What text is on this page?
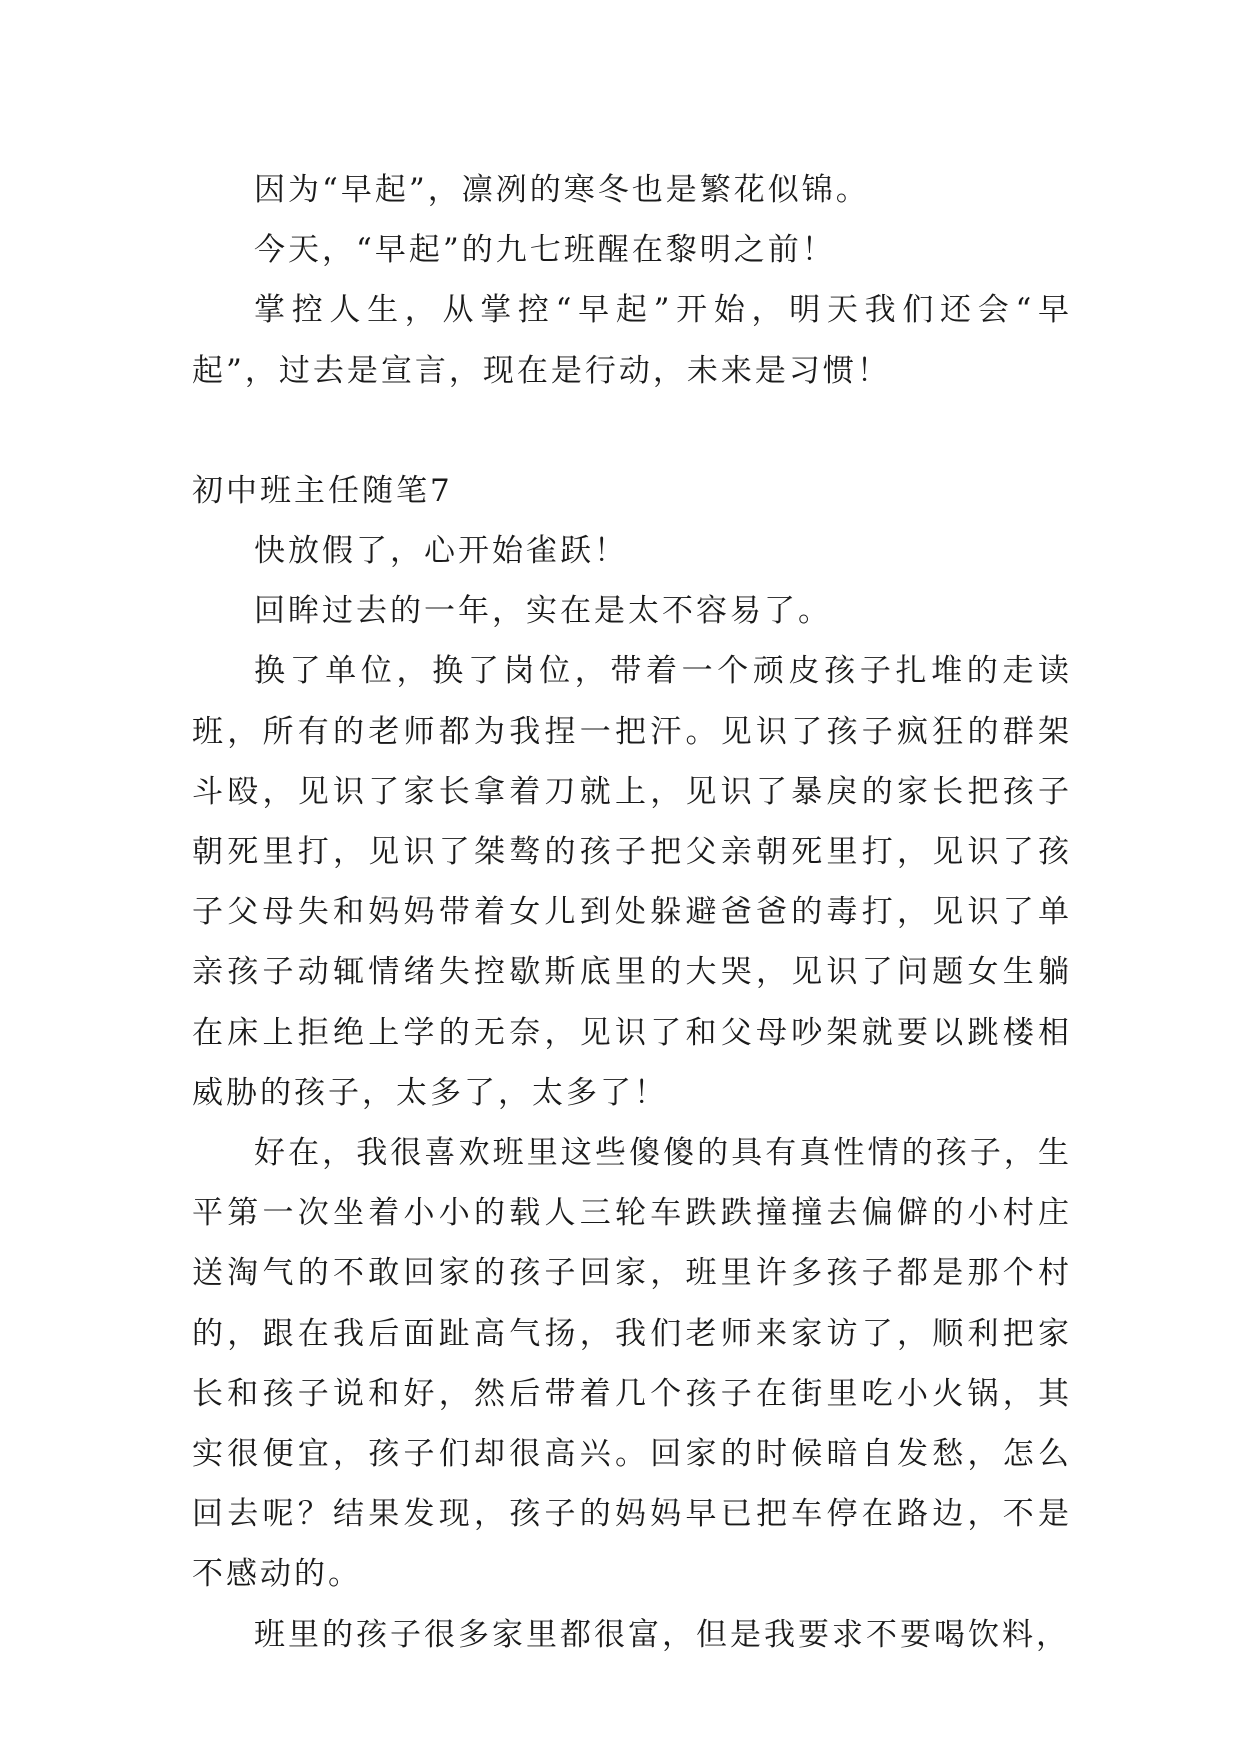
因为“早起”，凛冽的寒冬也是繁花似锦。

今天，“早起”的九七班醒在黎明之前！

掌控人生，从掌控“早起”开始，明天我们还会“早起”，过去是宣言，现在是行动，未来是习惯！

初中班主任随笔7

快放假了，心开始雀跃！

回眸过去的一年，实在是太不容易了。

换了单位，换了岗位，带着一个顽皮孩子扎堆的走读班，所有的老师都为我捏一把汗。见识了孩子疯狂的群架斗殴，见识了家长拿着刀就上，见识了暴戾的家长把孩子朝死里打，见识了桀骜的孩子把父亲朝死里打，见识了孩子父母失和妈妈带着女儿到处躲避爸爸的毒打，见识了单亲孩子动辄情绪失控歇斯底里的大哭，见识了问题女生躺在床上拒绝上学的无奈，见识了和父母吵架就要以跳楼相威胁的孩子，太多了，太多了！

好在，我很喜欢班里这些傻傻的具有真性情的孩子，生平第一次坐着小小的载人三轮车跌跌撞撞去偏僻的小村庄送淘气的不敢回家的孩子回家，班里许多孩子都是那个村的，跟在我后面趾高气扬，我们老师来家访了，顺利把家长和孩子说和好，然后带着几个孩子在街里吃小火锅，其实很便宜，孩子们却很高兴。回家的时候暗自发愁，怎么回去呢？结果发现，孩子的妈妈早已把车停在路边，不是不感动的。

班里的孩子很多家里都很富，但是我要求不要喝饮料，
